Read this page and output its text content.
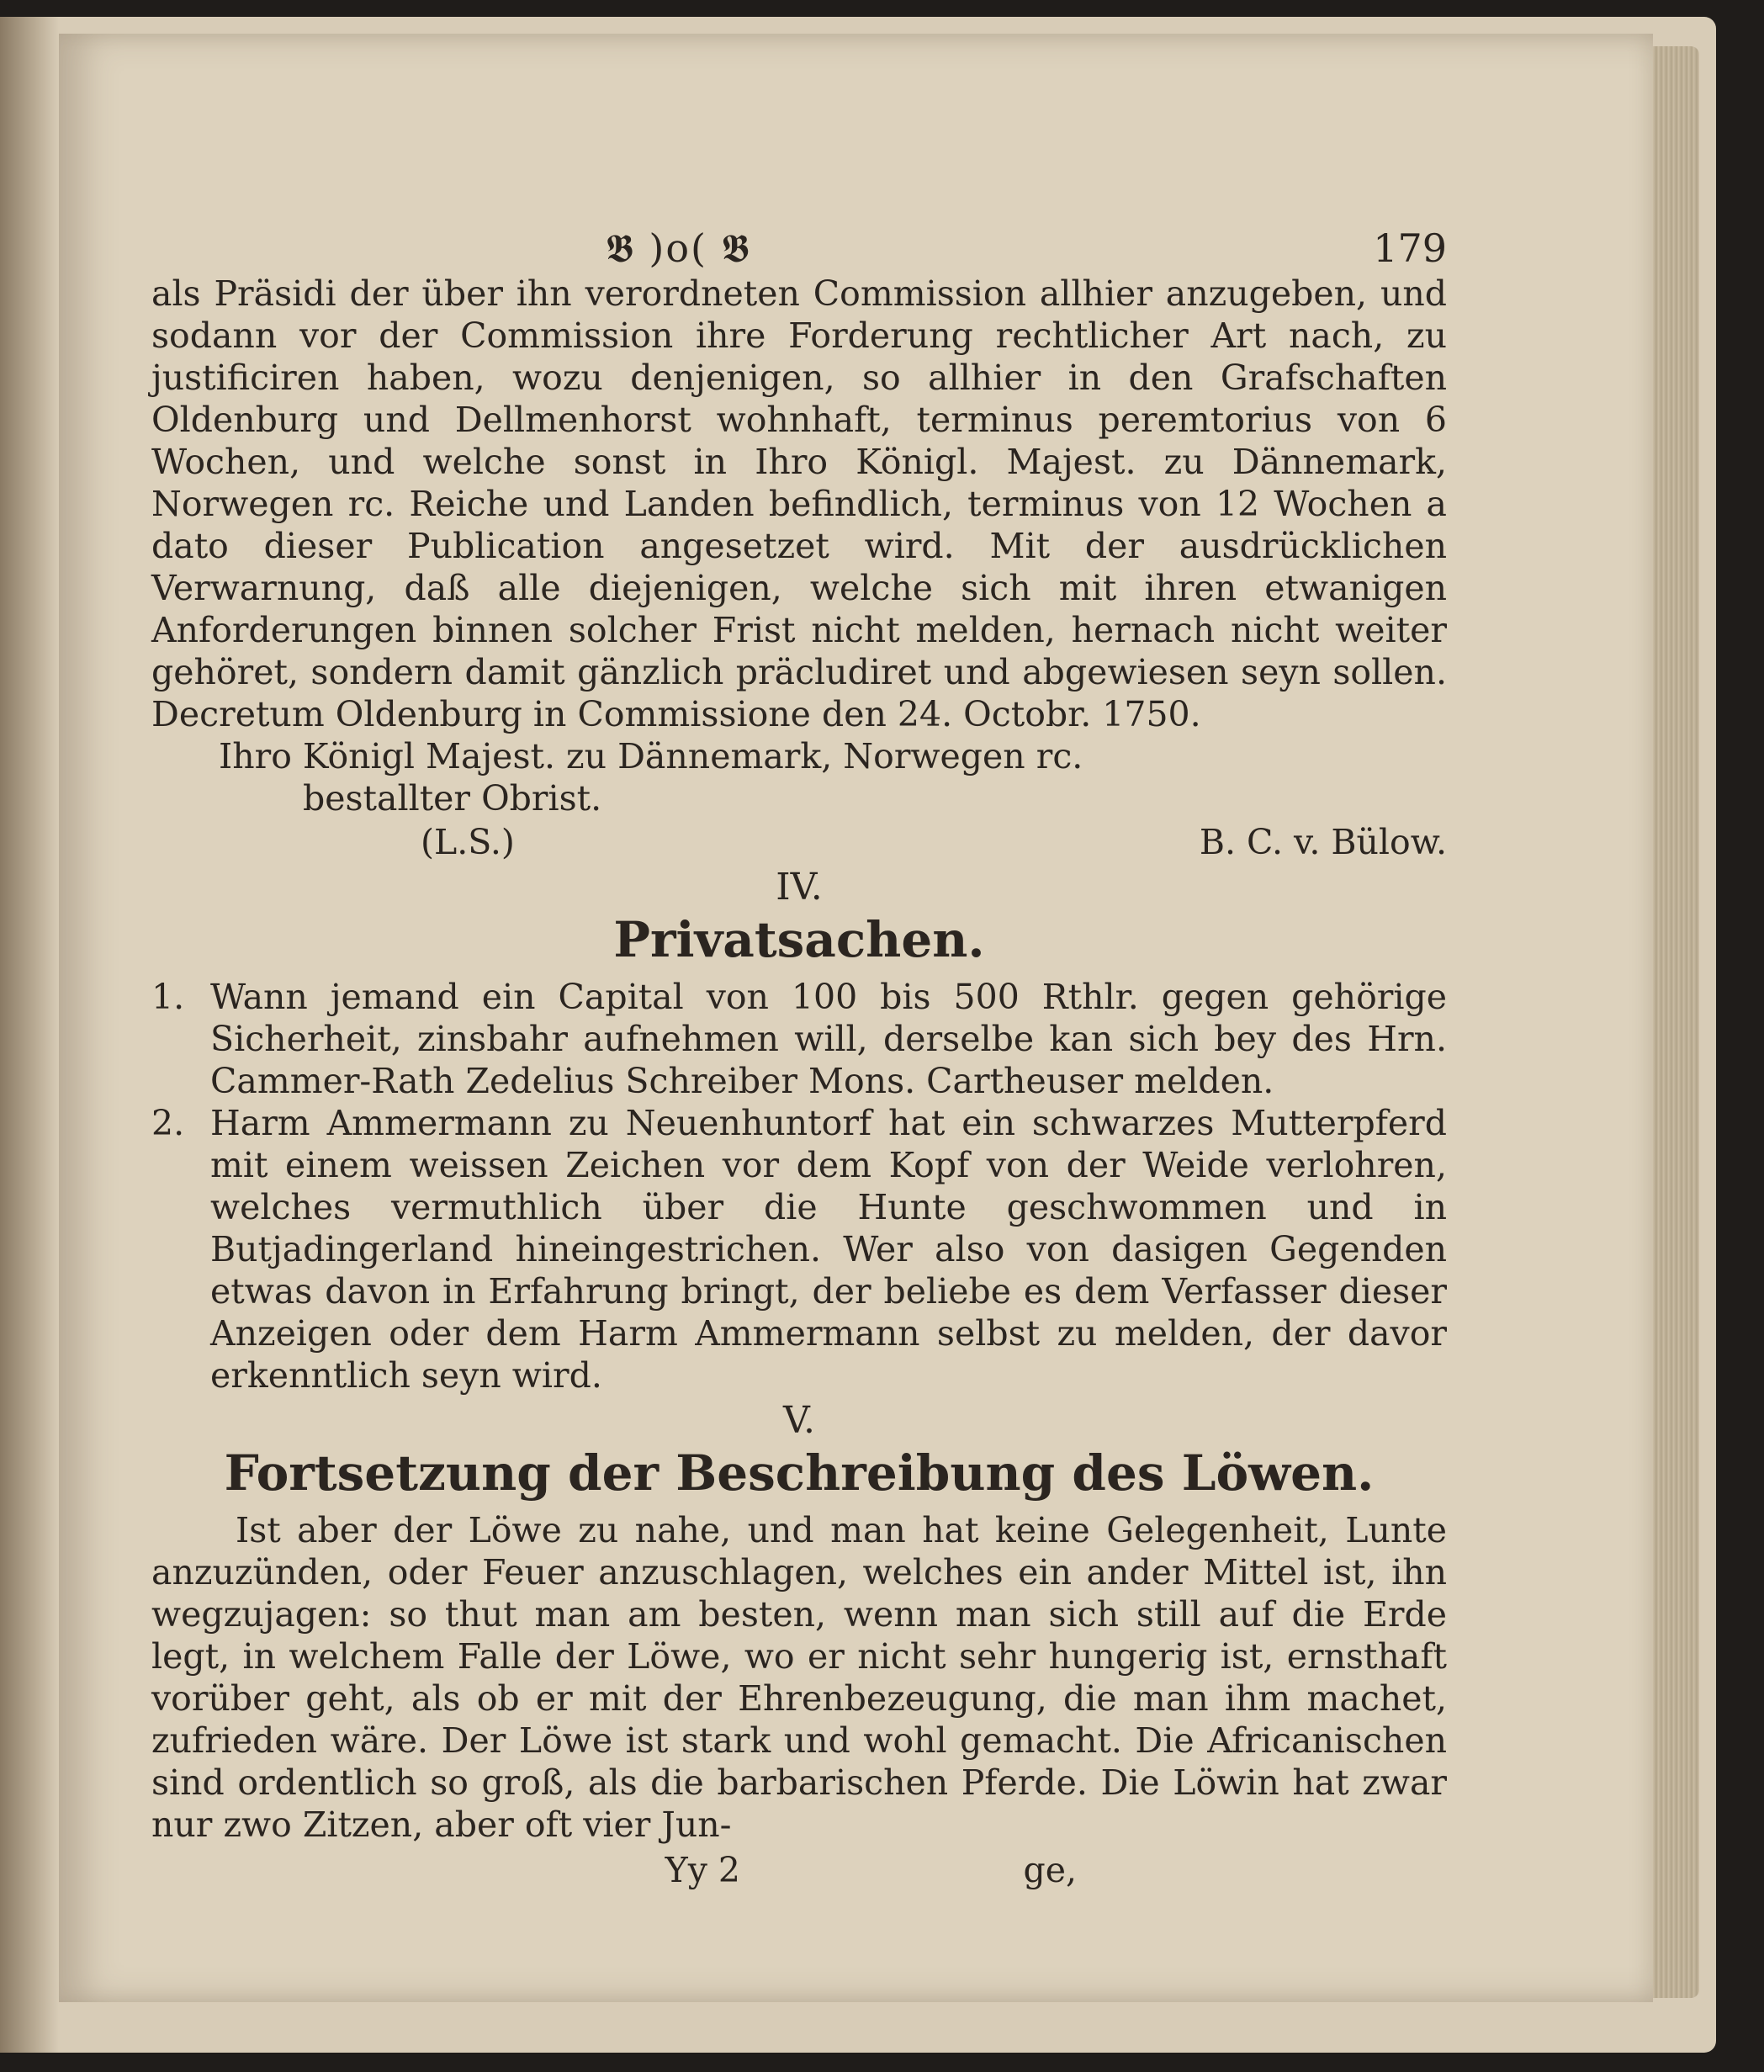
𝕭 )o( 𝕭	179

als Präsidi der über ihn verordneten Commission allhier anzugeben, und sodann vor der Commission ihre Forderung rechtlicher Art nach, zu justificiren haben, wozu denjenigen, so allhier in den Grafschaften Oldenburg und Dellmenhorst wohnhaft, terminus peremtorius von 6 Wochen, und welche sonst in Ihro Königl. Majest. zu Dännemark, Norwegen rc. Reiche und Landen befindlich, terminus von 12 Wochen a dato dieser Publication angesetzet wird. Mit der ausdrücklichen Verwarnung, daß alle diejenigen, welche sich mit ihren etwanigen Anforderungen binnen solcher Frist nicht melden, hernach nicht weiter gehöret, sondern damit gänzlich präcludiret und abgewiesen seyn sollen. Decretum Oldenburg in Commissione den 24. Octobr. 1750.

Ihro Königl Majest. zu Dännemark, Norwegen rc.

bestallter Obrist.

(L.S.)	B. C. v. Bülow.
IV.
Privatsachen.
1. Wann jemand ein Capital von 100 bis 500 Rthlr. gegen gehörige Sicherheit, zinsbahr aufnehmen will, derselbe kan sich bey des Hrn. Cammer-Rath Zedelius Schreiber Mons. Cartheuser melden.
2. Harm Ammermann zu Neuenhuntorf hat ein schwarzes Mutterpferd mit einem weissen Zeichen vor dem Kopf von der Weide verlohren, welches vermuthlich über die Hunte geschwommen und in Butjadingerland hineingestrichen. Wer also von dasigen Gegenden etwas davon in Erfahrung bringt, der beliebe es dem Verfasser dieser Anzeigen oder dem Harm Ammermann selbst zu melden, der davor erkenntlich seyn wird.
V.
Fortsetzung der Beschreibung des Löwen.

Ist aber der Löwe zu nahe, und man hat keine Gelegenheit, Lunte anzuzünden, oder Feuer anzuschlagen, welches ein ander Mittel ist, ihn wegzujagen: so thut man am besten, wenn man sich still auf die Erde legt, in welchem Falle der Löwe, wo er nicht sehr hungerig ist, ernsthaft vorüber geht, als ob er mit der Ehrenbezeugung, die man ihm machet, zufrieden wäre. Der Löwe ist stark und wohl gemacht. Die Africanischen sind ordentlich so groß, als die barbarischen Pferde. Die Löwin hat zwar nur zwo Zitzen, aber oft vier Jun-

Yy 2	ge,
